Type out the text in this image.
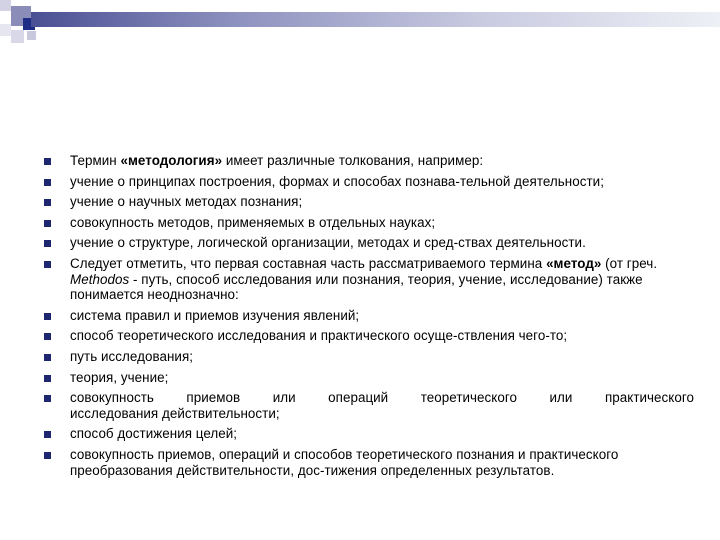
Термин «методология» имеет различные толкования, например:
учение о принципах построения, формах и способах познава-тельной деятельности;
учение о научных методах познания;
совокупность методов, применяемых в отдельных науках;
учение о структуре, логической организации, методах и сред-ствах деятельности.
Следует отметить, что первая составная часть рассматриваемого термина «метод» (от греч. Methodos - путь, способ исследования или познания, теория, учение, исследование) также понимается неоднозначно:
система правил и приемов изучения явлений;
способ теоретического исследования и практического осуще-ствления чего-то;
путь исследования;
теория, учение;
совокупность приемов или операций теоретического или практического
исследования действительности;
способ достижения целей;
совокупность приемов, операций и способов теоретического познания и практического преобразования действительности, дос-тижения определенных результатов.
